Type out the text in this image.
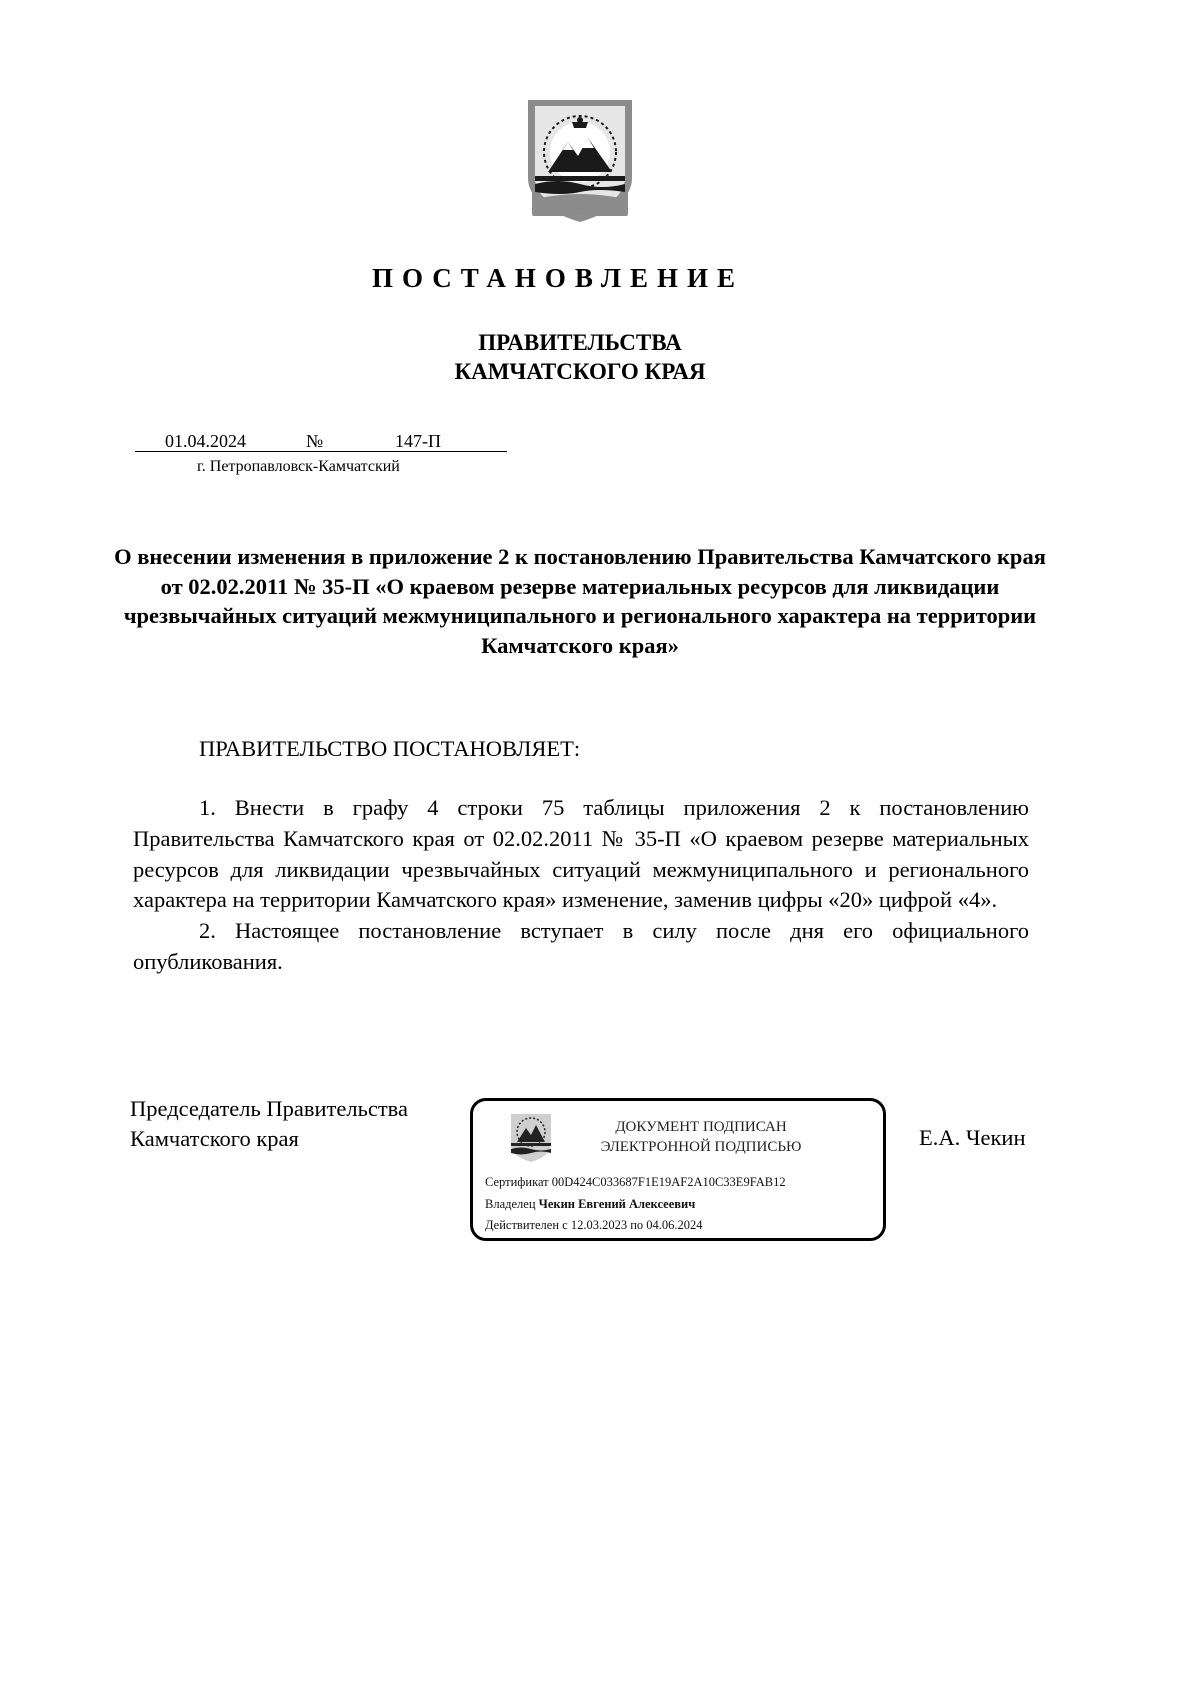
ПОСТАНОВЛЕНИЕ
ПРАВИТЕЛЬСТВА
КАМЧАТСКОГО КРАЯ
01.04.2024	№	147-П
г. Петропавловск-Камчатский
О внесении изменения в приложение 2 к постановлению Правительства Камчатского края от 02.02.2011 № 35-П «О краевом резерве материальных ресурсов для ликвидации чрезвычайных ситуаций межмуниципального и регионального характера на территории Камчатского края»
ПРАВИТЕЛЬСТВО ПОСТАНОВЛЯЕТ:

1. Внести в графу 4 строки 75 таблицы приложения 2 к постановлению Правительства Камчатского края от 02.02.2011 № 35-П «О краевом резерве материальных ресурсов для ликвидации чрезвычайных ситуаций межмуниципального и регионального характера на территории Камчатского края» изменение, заменив цифры «20» цифрой «4».

2. Настоящее постановление вступает в силу после дня его официального опубликования.

Председатель Правительства
Камчатского края	ДОКУМЕНТ ПОДПИСАН
ЭЛЕКТРОННОЙ ПОДПИСЬЮ
Сертификат 00D424C033687F1E19AF2A10C33E9FAB12
Владелец Чекин Евгений Алексеевич
Действителен с 12.03.2023 по 04.06.2024
Е.А. Чекин
